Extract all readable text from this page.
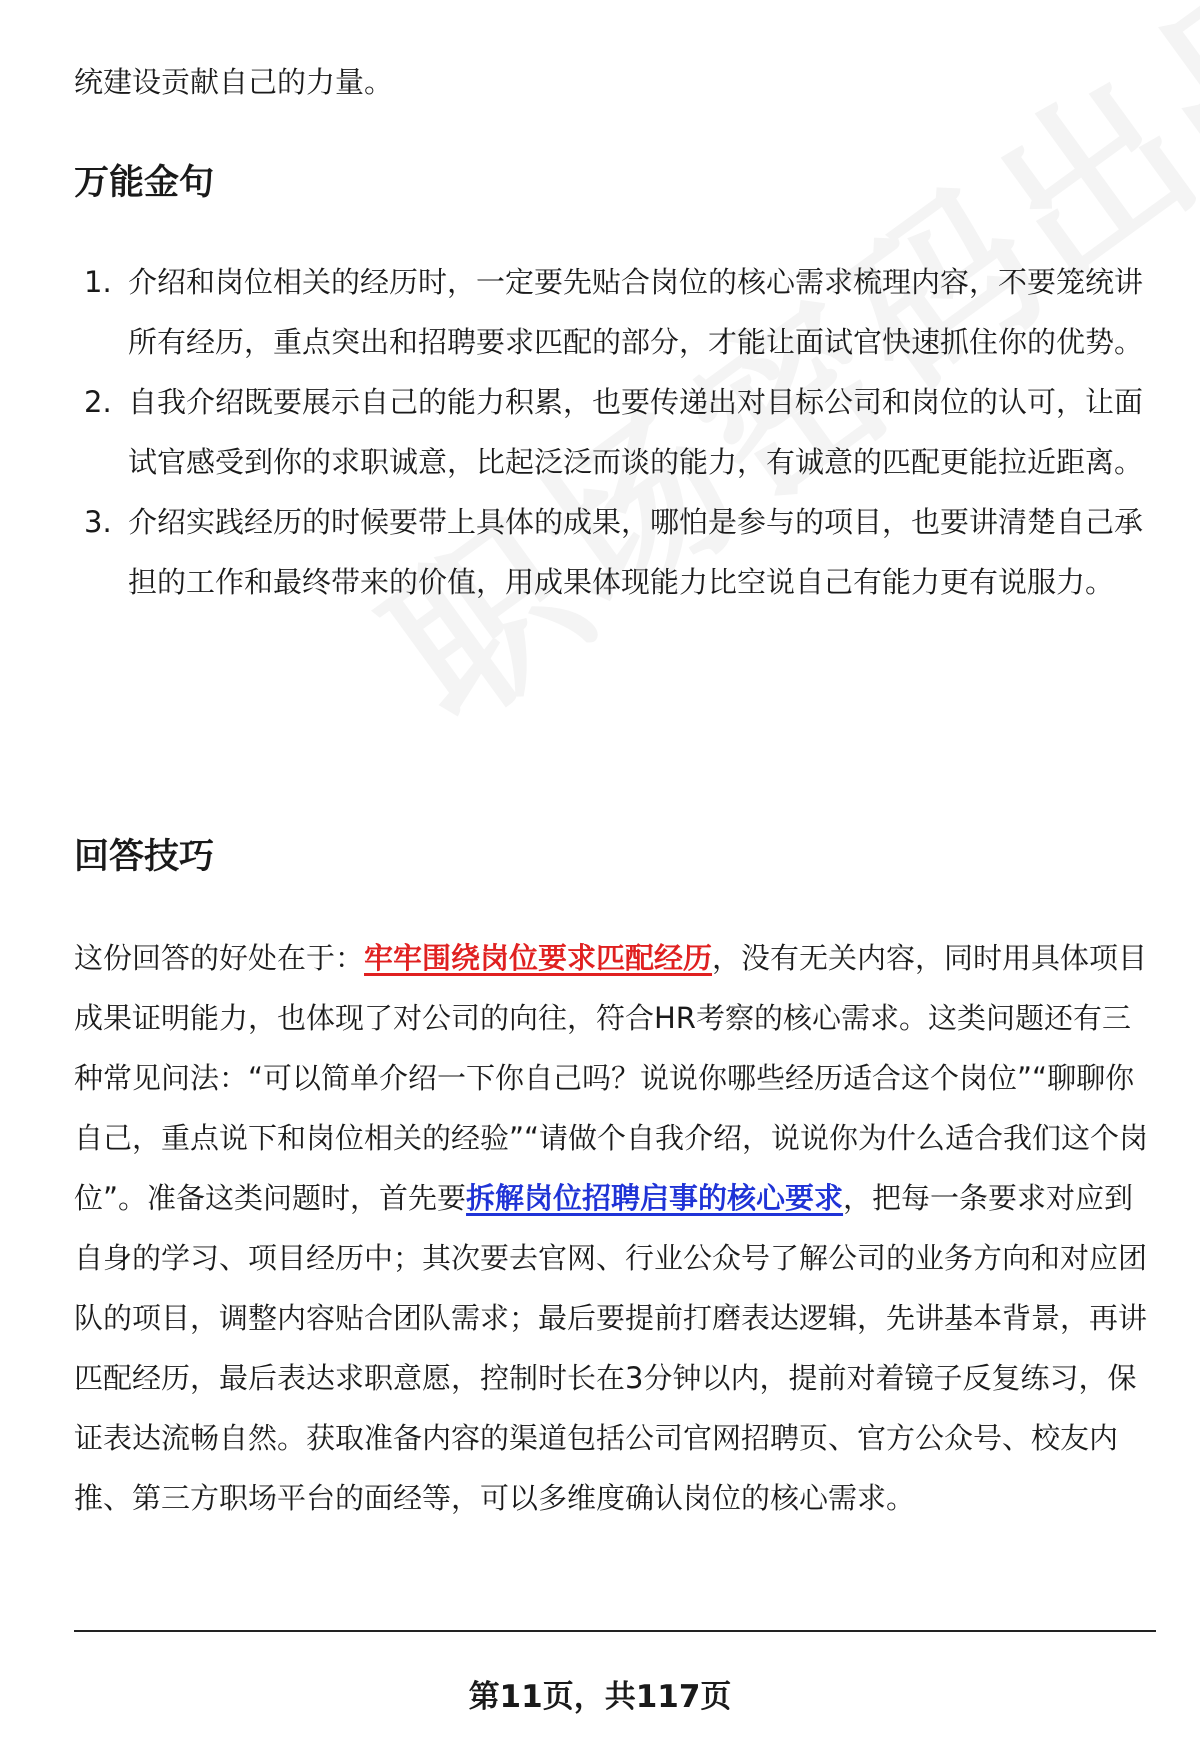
统建设贡献自己的力量。

万能金句
1. 介绍和岗位相关的经历时，一定要先贴合岗位的核心需求梳理内容，不要笼统讲所有经历，重点突出和招聘要求匹配的部分，才能让面试官快速抓住你的优势。
2. 自我介绍既要展示自己的能力积累，也要传递出对目标公司和岗位的认可，让面试官感受到你的求职诚意，比起泛泛而谈的能力，有诚意的匹配更能拉近距离。
3. 介绍实践经历的时候要带上具体的成果，哪怕是参与的项目，也要讲清楚自己承担的工作和最终带来的价值，用成果体现能力比空说自己有能力更有说服力。
回答技巧

这份回答的好处在于：牢牢围绕岗位要求匹配经历，没有无关内容，同时用具体项目成果证明能力，也体现了对公司的向往，符合HR考察的核心需求。这类问题还有三种常见问法：“可以简单介绍一下你自己吗？说说你哪些经历适合这个岗位”“聊聊你自己，重点说下和岗位相关的经验”“请做个自我介绍，说说你为什么适合我们这个岗位”。准备这类问题时，首先要拆解岗位招聘启事的核心要求，把每一条要求对应到自身的学习、项目经历中；其次要去官网、行业公众号了解公司的业务方向和对应团队的项目，调整内容贴合团队需求；最后要提前打磨表达逻辑，先讲基本背景，再讲匹配经历，最后表达求职意愿，控制时长在3分钟以内，提前对着镜子反复练习，保证表达流畅自然。获取准备内容的渠道包括公司官网招聘页、官方公众号、校友内推、第三方职场平台的面经等，可以多维度确认岗位的核心需求。

第11页，共117页
